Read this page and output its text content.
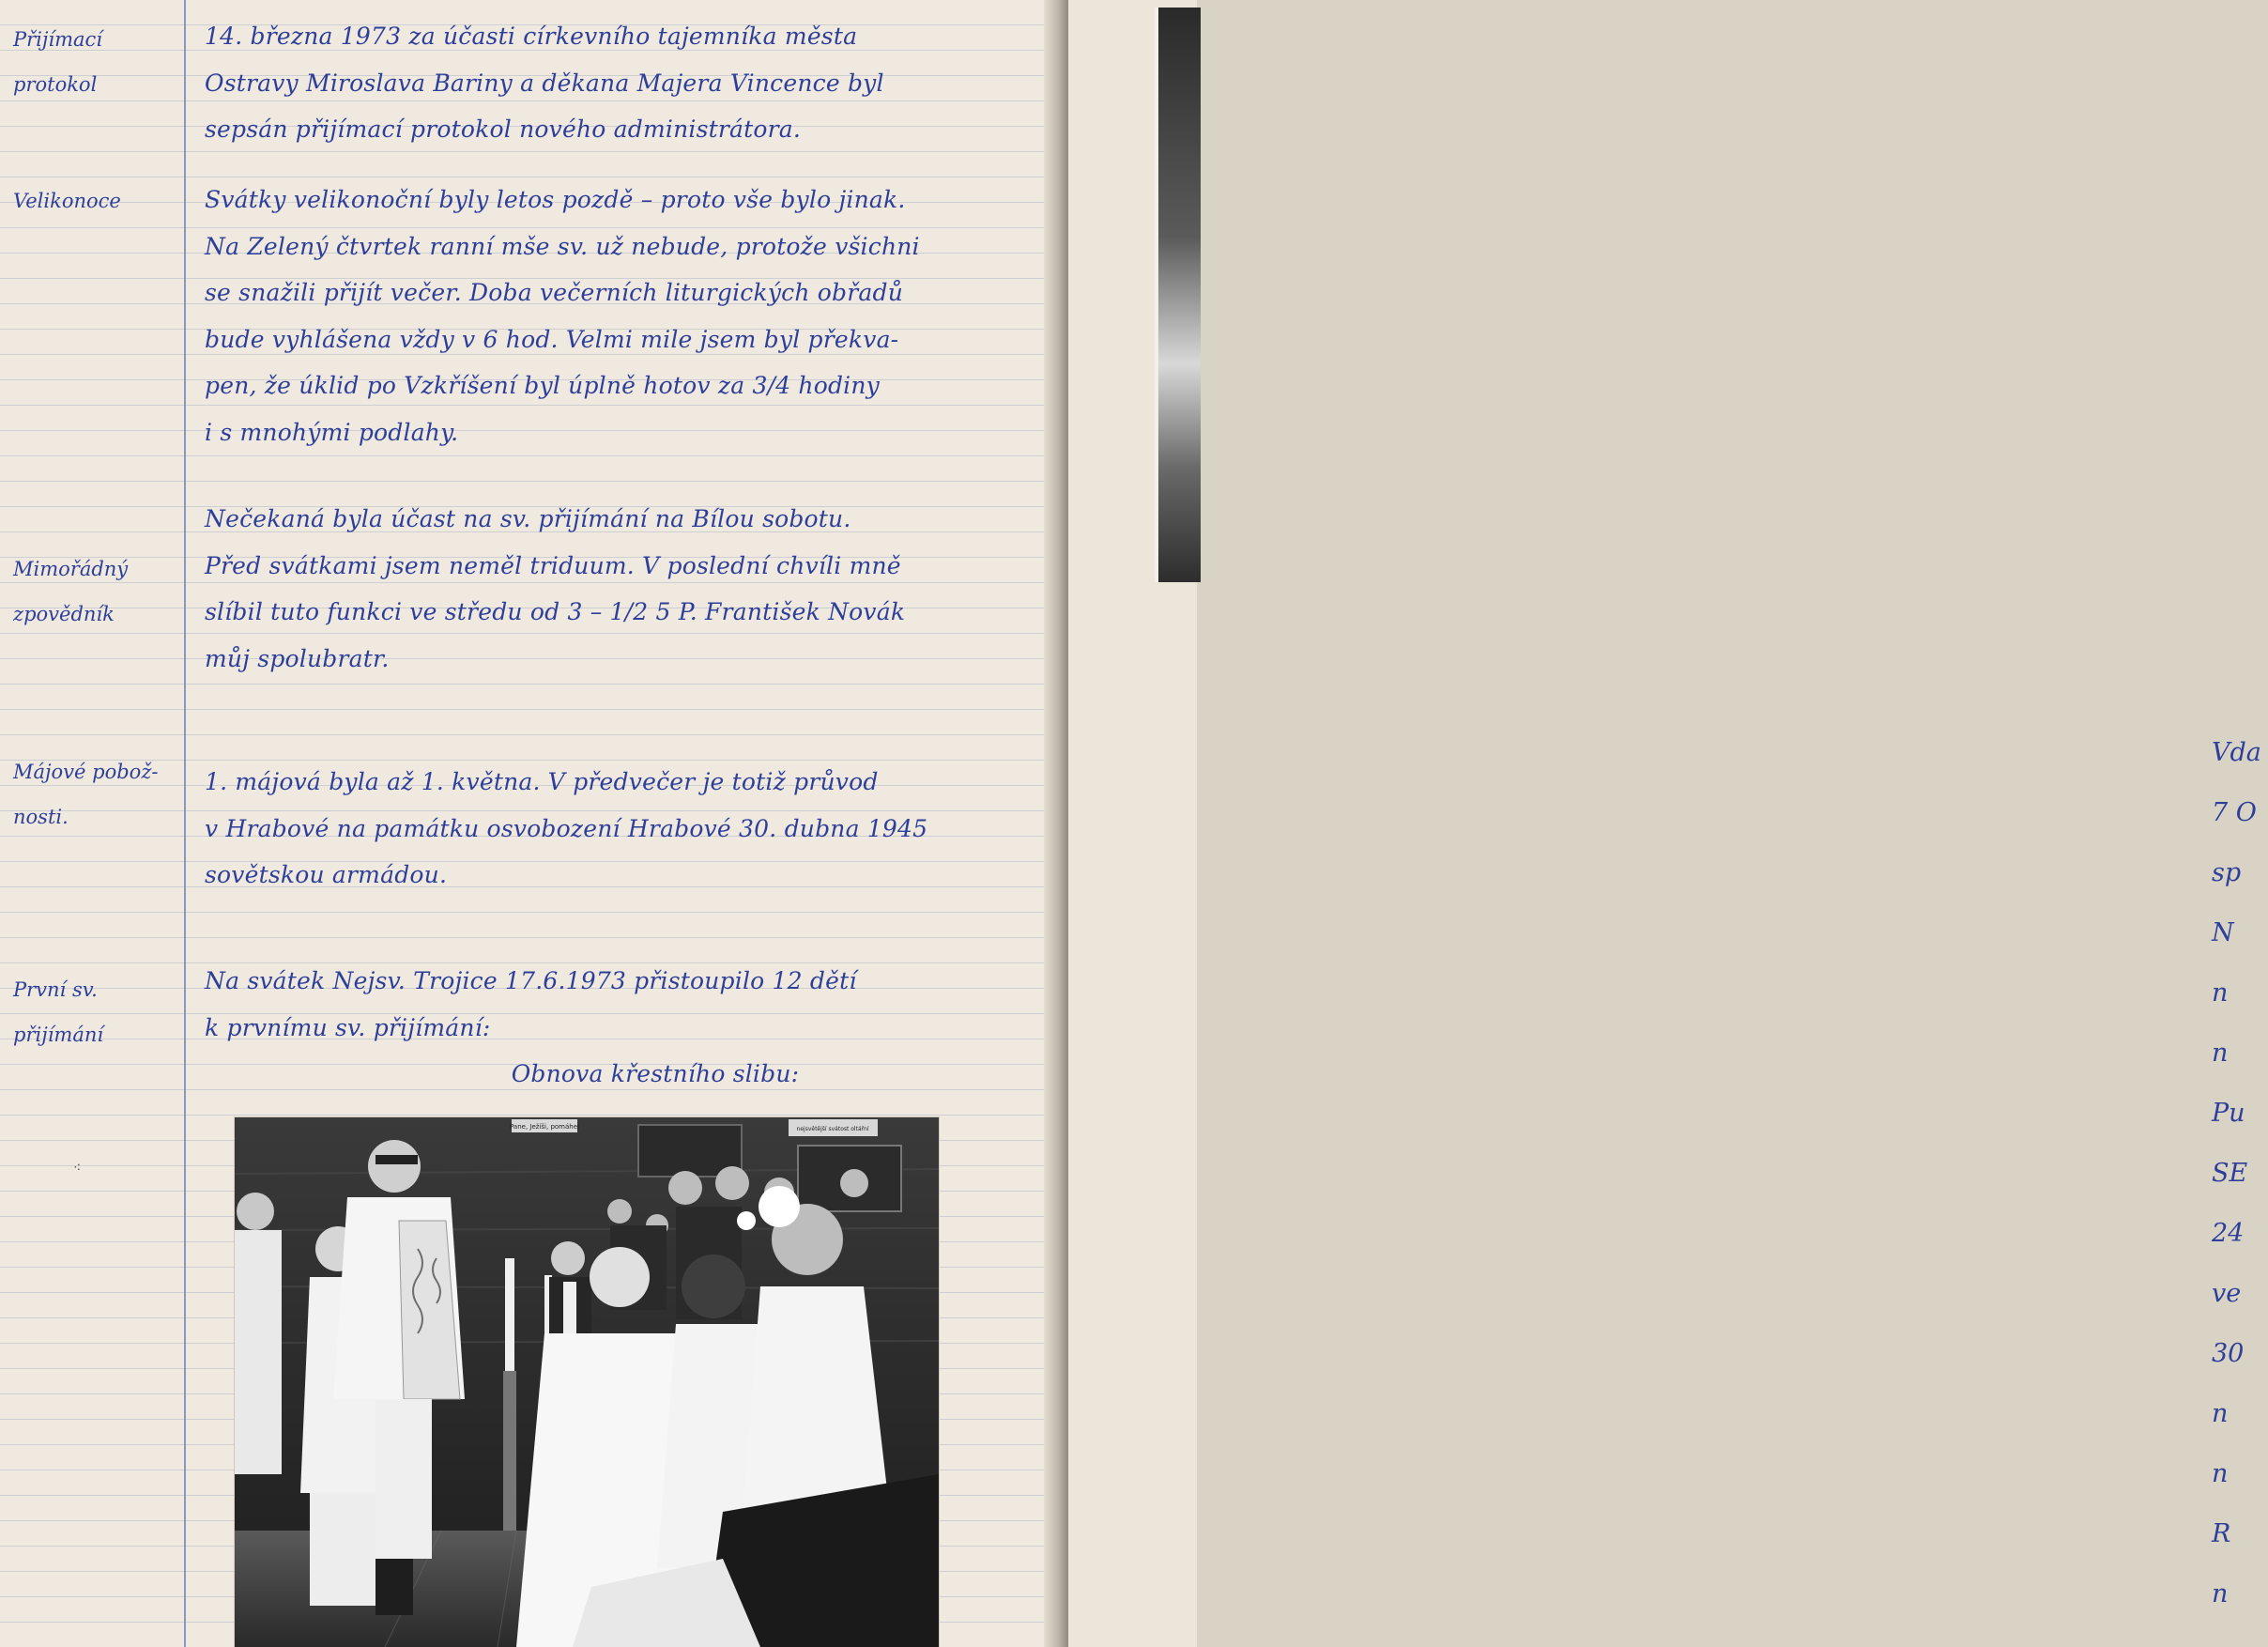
Přijímací
protokol
Velikonoce
Mimořádný
zpovědník
Májové pobož-
nosti.
První sv.
přijímání
⁖
14. března 1973 za účasti církevního tajemníka města
Ostravy Miroslava Bariny a děkana Majera Vincence byl
sepsán přijímací protokol nového administrátora.
Svátky velikonoční byly letos pozdě – proto vše bylo jinak.
Na Zelený čtvrtek ranní mše sv. už nebude, protože všichni
se snažili přijít večer. Doba večerních liturgických obřadů
bude vyhlášena vždy v 6 hod. Velmi mile jsem byl překva-
pen, že úklid po Vzkříšení byl úplně hotov za 3/4 hodiny
i s mnohými podlahy.
Nečekaná byla účast na sv. přijímání na Bílou sobotu.
Před svátkami jsem neměl triduum. V poslední chvíli mně
slíbil tuto funkci ve středu od 3 – 1/2 5 P. František Novák
můj spolubratr.
1. májová byla až 1. května. V předvečer je totiž průvod
v Hrabové na památku osvobození Hrabové 30. dubna 1945
sovětskou armádou.
Na svátek Nejsv. Trojice 17.6.1973 přistoupilo 12 dětí
k prvnímu sv. přijímání:
Obnova křestního slibu:
Pane, Ježíši, pomáhej	nejsvětější svátost oltářní
Vda
7 O
sp
N
n
n
Pu
SE
24
ve
30
n
n
R
n
